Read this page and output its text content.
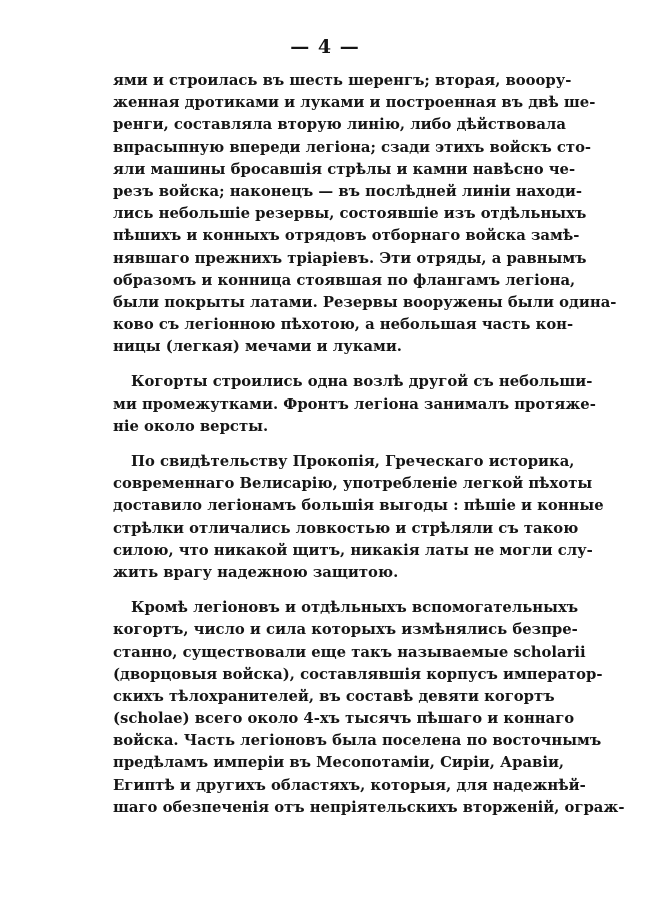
— 4 —
ями и строилась въ шесть шеренгъ; вторая, вооору-
женная дротиками и луками и построенная въ двѣ ше-
ренги, составляла вторую линію, либо дѣйствовала
впрасыпную впереди легіона; сзади этихъ войскъ сто-
яли машины бросавшія стрѣлы и камни навѣсно че-
резъ войска; наконецъ — въ послѣдней линіи находи-
лись небольшіе резервы, состоявшіе изъ отдѣльныхъ
пѣшихъ и конныхъ отрядовъ отборнаго войска замѣ-
нявшаго прежнихъ тріаріевъ. Эти отряды, а равнымъ
образомъ и конница стоявшая по флангамъ легіона,
были покрыты латами. Резервы вооружены были одина-
ково съ легіонною пѣхотою, а небольшая часть кон-
ницы (легкая) мечами и луками.
Когорты строились одна возлѣ другой съ небольши-
ми промежутками. Фронтъ легіона занималъ протяже-
ніе около версты.
По свидѣтельству Прокопія, Греческаго историка,
современнаго Велисарію, употребленіе легкой пѣхоты
доставило легіонамъ большія выгоды : пѣшіе и конные
стрѣлки отличались ловкостью и стрѣляли съ такою
силою, что никакой щитъ, никакія латы не могли слу-
жить врагу надежною защитою.
Кромѣ легіоновъ и отдѣльныхъ вспомогательныхъ
когортъ, число и сила которыхъ измѣнялись безпре-
станно, существовали еще такъ называемые scholarii
(дворцовыя войска), составлявшія корпусъ император-
скихъ тѣлохранителей, въ составѣ девяти когортъ
(scholae) всего около 4-хъ тысячъ пѣшаго и коннаго
войска. Часть легіоновъ была поселена по восточнымъ
предѣламъ имперіи въ Месопотаміи, Сиріи, Аравіи,
Египтѣ и другихъ областяхъ, которыя, для надежнѣй-
шаго обезпеченія отъ непріятельскихъ вторженій, ограж-
